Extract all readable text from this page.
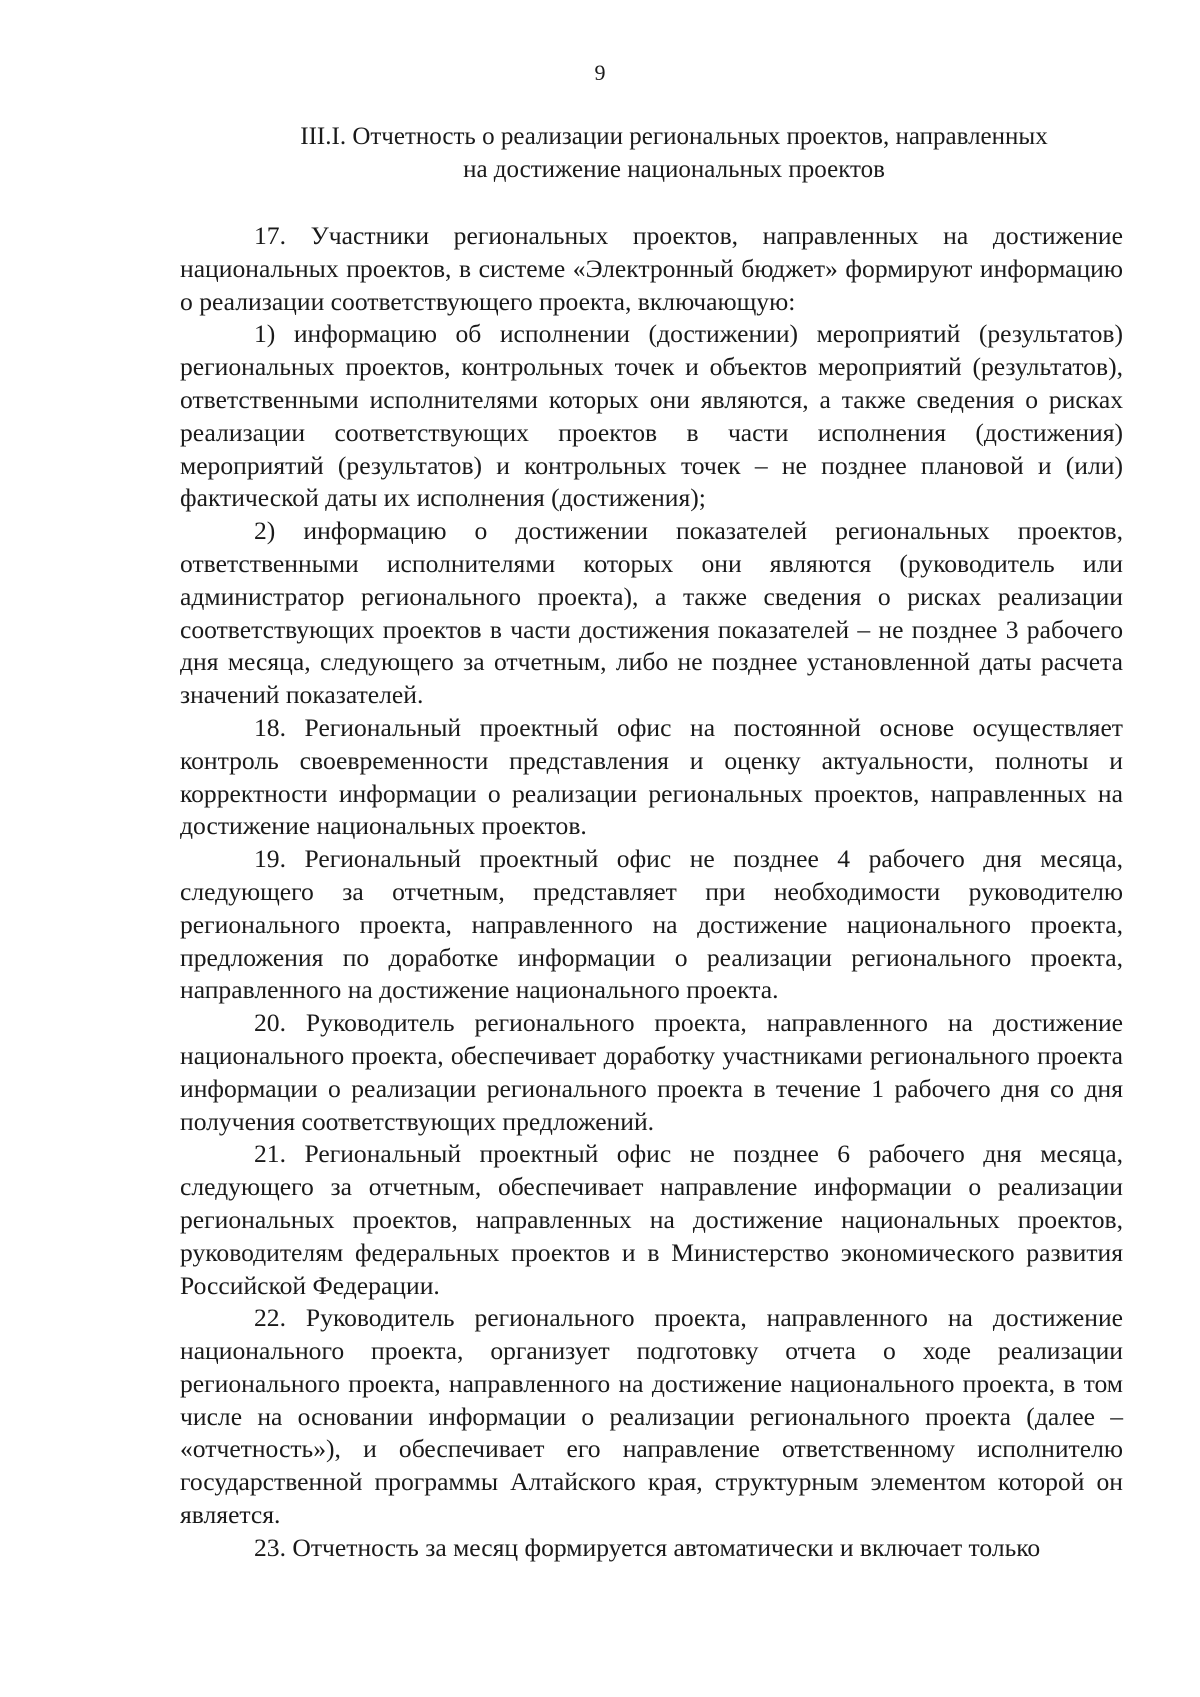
9
III.I. Отчетность о реализации региональных проектов, направленных
на достижение национальных проектов

17. Участники региональных проектов, направленных на достижение национальных проектов, в системе «Электронный бюджет» формируют информацию о реализации соответствующего проекта, включающую:

1) информацию об исполнении (достижении) мероприятий (результатов) региональных проектов, контрольных точек и объектов мероприятий (результатов), ответственными исполнителями которых они являются, а также сведения о рисках реализации соответствующих проектов в части исполнения (достижения) мероприятий (результатов) и контрольных точек – не позднее плановой и (или) фактической даты их исполнения (достижения);

2) информацию о достижении показателей региональных проектов, ответственными исполнителями которых они являются (руководитель или администратор регионального проекта), а также сведения о рисках реализации соответствующих проектов в части достижения показателей – не позднее 3 рабочего дня месяца, следующего за отчетным, либо не позднее установленной даты расчета значений показателей.

18. Региональный проектный офис на постоянной основе осуществляет контроль своевременности представления и оценку актуальности, полноты и корректности информации о реализации региональных проектов, направленных на достижение национальных проектов.

19. Региональный проектный офис не позднее 4 рабочего дня месяца, следующего за отчетным, представляет при необходимости руководителю регионального проекта, направленного на достижение национального проекта, предложения по доработке информации о реализации регионального проекта, направленного на достижение национального проекта.

20. Руководитель регионального проекта, направленного на достижение национального проекта, обеспечивает доработку участниками регионального проекта информации о реализации регионального проекта в течение 1 рабочего дня со дня получения соответствующих предложений.

21. Региональный проектный офис не позднее 6 рабочего дня месяца, следующего за отчетным, обеспечивает направление информации о реализации региональных проектов, направленных на достижение национальных проектов, руководителям федеральных проектов и в Министерство экономического развития Российской Федерации.

22. Руководитель регионального проекта, направленного на достижение национального проекта, организует подготовку отчета о ходе реализации регионального проекта, направленного на достижение национального проекта, в том числе на основании информации о реализации регионального проекта (далее – «отчетность»), и обеспечивает его направление ответственному исполнителю государственной программы Алтайского края, структурным элементом которой он является.

23. Отчетность за месяц формируется автоматически и включает только
